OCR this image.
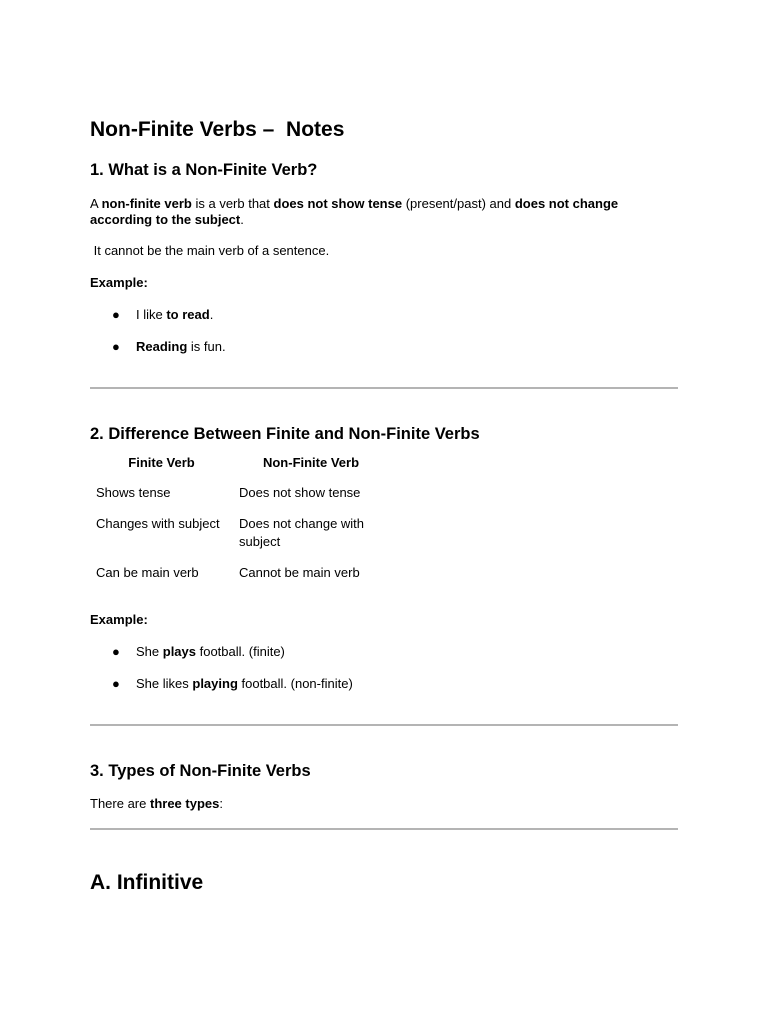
Non-Finite Verbs –  Notes
1. What is a Non-Finite Verb?

A non-finite verb is a verb that does not show tense (present/past) and does not change according to the subject.

It cannot be the main verb of a sentence.

Example:

● I like to read.

● Reading is fun.

2. Difference Between Finite and Non-Finite Verbs
Finite Verb	Non-Finite Verb
Shows tense	Does not show tense
Changes with subject	Does not change with subject
Can be main verb	Cannot be main verb

Example:

● She plays football. (finite)

● She likes playing football. (non-finite)

3. Types of Non-Finite Verbs

There are three types:

A. Infinitive
